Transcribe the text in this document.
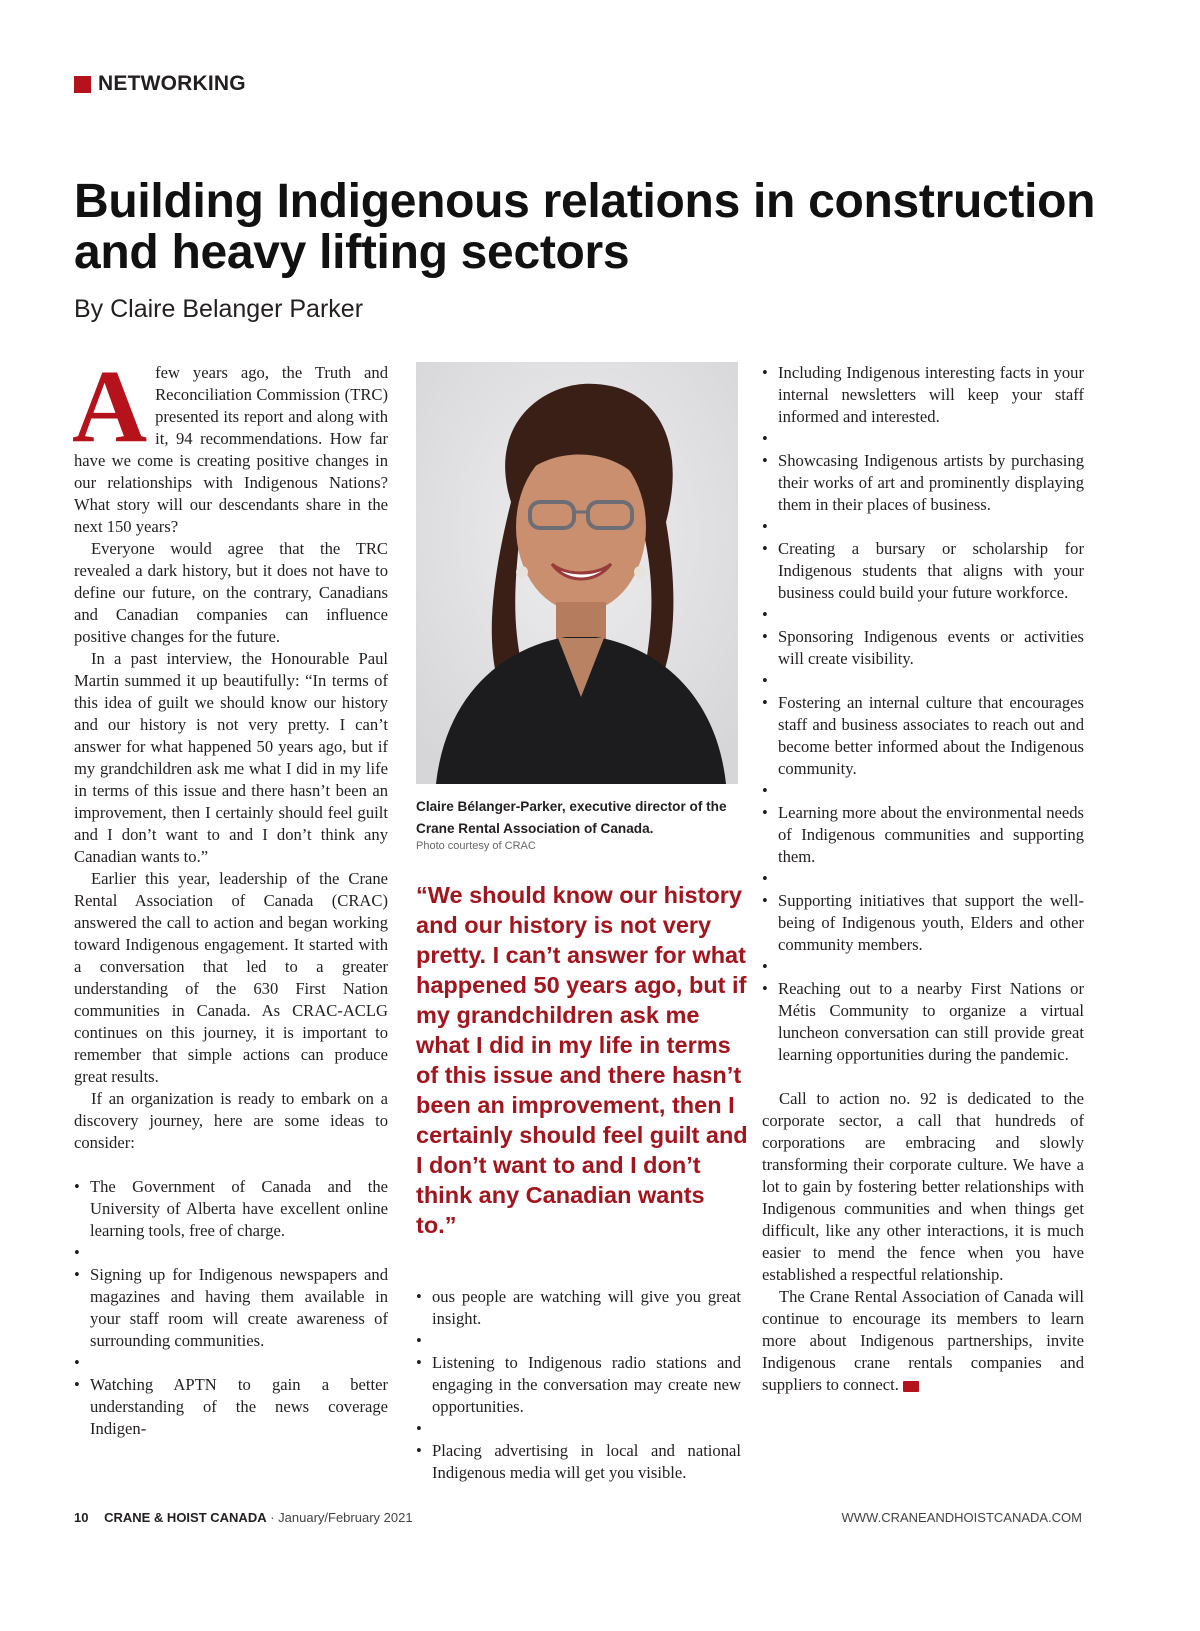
NETWORKING
Building Indigenous relations in construction and heavy lifting sectors
By Claire Belanger Parker

Afew years ago, the Truth and Reconciliation Commission (TRC) presented its report and along with it, 94 recommendations. How far have we come is creating positive changes in our relationships with Indigenous Nations? What story will our descendants share in the next 150 years?

Everyone would agree that the TRC revealed a dark history, but it does not have to define our future, on the contrary, Canadians and Canadian companies can influence positive changes for the future.

In a past interview, the Honourable Paul Martin summed it up beautifully: “In terms of this idea of guilt we should know our history and our history is not very pretty. I can’t answer for what happened 50 years ago, but if my grandchildren ask me what I did in my life in terms of this issue and there hasn’t been an improvement, then I certainly should feel guilt and I don’t want to and I don’t think any Canadian wants to.”

Earlier this year, leadership of the Crane Rental Association of Canada (CRAC) answered the call to action and began working toward Indigenous engagement. It started with a conversation that led to a greater understanding of the 630 First Nation communities in Canada. As CRAC-ACLG continues on this journey, it is important to remember that simple actions can produce great results.

If an organization is ready to embark on a discovery journey, here are some ideas to consider:

• The Government of Canada and the University of Alberta have excellent online learning tools, free of charge.
•
• Signing up for Indigenous newspapers and magazines and having them available in your staff room will create awareness of surrounding communities.
•
• Watching APTN to gain a better understanding of the news coverage Indigen-
Claire Bélanger-Parker, executive director of the Crane Rental Association of Canada.
Photo courtesy of CRAC

“We should know our history and our history is not very pretty. I can’t answer for what happened 50 years ago, but if my grandchildren ask me what I did in my life in terms of this issue and there hasn’t been an improvement, then I certainly should feel guilt and I don’t want to and I don’t think any Canadian wants to.”

• ous people are watching will give you great insight.
•
• Listening to Indigenous radio stations and engaging in the conversation may create new opportunities.
•
• Placing advertising in local and national Indigenous media will get you visible.
• Including Indigenous interesting facts in your internal newsletters will keep your staff informed and interested.
•
• Showcasing Indigenous artists by purchasing their works of art and prominently displaying them in their places of business.
•
• Creating a bursary or scholarship for Indigenous students that aligns with your business could build your future workforce.
•
• Sponsoring Indigenous events or activities will create visibility.
•
• Fostering an internal culture that encourages staff and business associates to reach out and become better informed about the Indigenous community.
•
• Learning more about the environmental needs of Indigenous communities and supporting them.
•
• Supporting initiatives that support the well-being of Indigenous youth, Elders and other community members.
•
• Reaching out to a nearby First Nations or Métis Community to organize a virtual luncheon conversation can still provide great learning opportunities during the pandemic.

Call to action no. 92 is dedicated to the corporate sector, a call that hundreds of corporations are embracing and slowly transforming their corporate culture. We have a lot to gain by fostering better relationships with Indigenous communities and when things get difficult, like any other interactions, it is much easier to mend the fence when you have established a respectful relationship.

The Crane Rental Association of Canada will continue to encourage its members to learn more about Indigenous partnerships, invite Indigenous crane rentals companies and suppliers to connect.

10 CRANE & HOIST CANADA · January/February 2021	WWW.CRANEANDHOISTCANADA.COM
